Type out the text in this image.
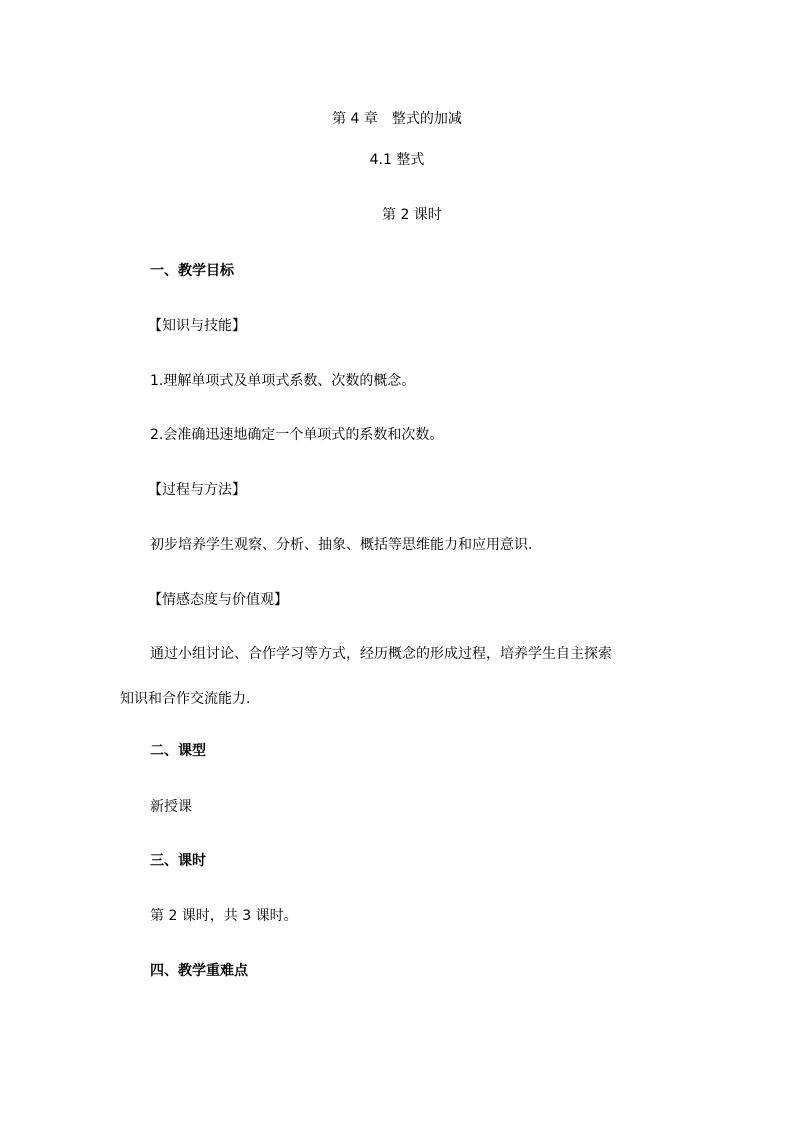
第 4 章　整式的加减
4.1 整式
第 2 课时
一、教学目标
【知识与技能】
1.理解单项式及单项式系数、次数的概念。
2.会准确迅速地确定一个单项式的系数和次数。
【过程与方法】
初步培养学生观察、分析、抽象、概括等思维能力和应用意识.
【情感态度与价值观】
通过小组讨论、合作学习等方式，经历概念的形成过程，培养学生自主探索
知识和合作交流能力.
二、课型
新授课
三、课时
第 2 课时，共 3 课时。
四、教学重难点
